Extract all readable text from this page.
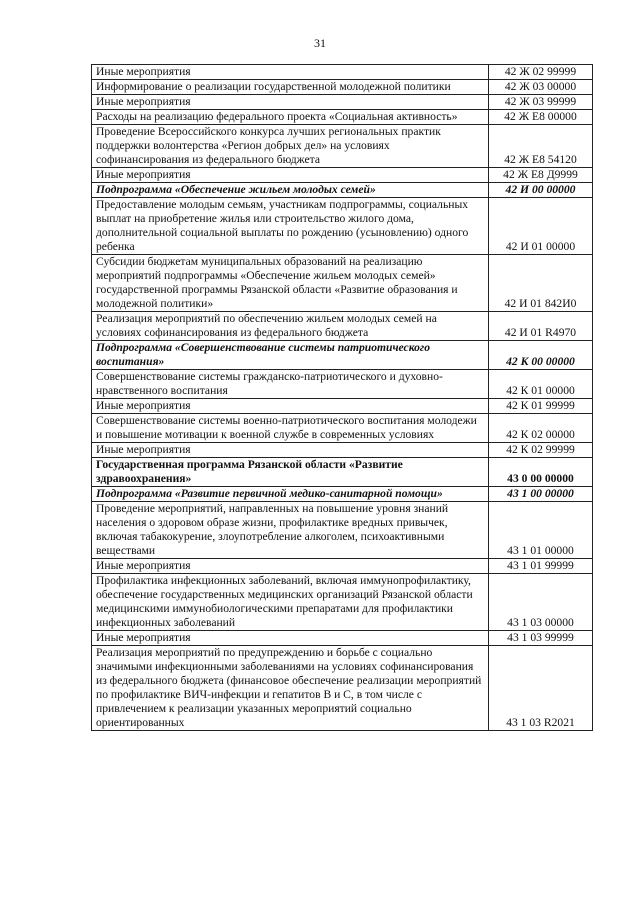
31
Иные мероприятия	42 Ж 02 99999
Информирование о реализации государственной молодежной политики	42 Ж 03 00000
Иные мероприятия	42 Ж 03 99999
Расходы на реализацию федерального проекта «Социальная активность»	42 Ж Е8 00000
Проведение Всероссийского конкурса лучших региональных практик поддержки волонтерства «Регион добрых дел» на условиях софинансирования из федерального бюджета	42 Ж Е8 54120
Иные мероприятия	42 Ж Е8 Д9999
Подпрограмма «Обеспечение жильем молодых семей»	42 И 00 00000
Предоставление молодым семьям, участникам подпрограммы, социальных выплат на приобретение жилья или строительство жилого дома, дополнительной социальной выплаты по рождению (усыновлению) одного ребенка	42 И 01 00000
Субсидии бюджетам муниципальных образований на реализацию мероприятий подпрограммы «Обеспечение жильем молодых семей» государственной программы Рязанской области «Развитие образования и молодежной политики»	42 И 01 842И0
Реализация мероприятий по обеспечению жильем молодых семей на условиях софинансирования из федерального бюджета	42 И 01 R4970
Подпрограмма «Совершенствование системы патриотического воспитания»	42 К 00 00000
Совершенствование системы гражданско-патриотического и духовно-нравственного воспитания	42 К 01 00000
Иные мероприятия	42 К 01 99999
Совершенствование системы военно-патриотического воспитания молодежи и повышение мотивации к военной службе в современных условиях	42 К 02 00000
Иные мероприятия	42 К 02 99999
Государственная программа Рязанской области «Развитие здравоохранения»	43 0 00 00000
Подпрограмма «Развитие первичной медико-санитарной помощи»	43 1 00 00000
Проведение мероприятий, направленных на повышение уровня знаний населения о здоровом образе жизни, профилактике вредных привычек, включая табакокурение, злоупотребление алкоголем, психоактивными веществами	43 1 01 00000
Иные мероприятия	43 1 01 99999
Профилактика инфекционных заболеваний, включая иммунопрофилактику, обеспечение государственных медицинских организаций Рязанской области медицинскими иммунобиологическими препаратами для профилактики инфекционных заболеваний	43 1 03 00000
Иные мероприятия	43 1 03 99999
Реализация мероприятий по предупреждению и борьбе с социально значимыми инфекционными заболеваниями на условиях софинансирования из федерального бюджета (финансовое обеспечение реализации мероприятий по профилактике ВИЧ-инфекции и гепатитов В и С, в том числе с привлечением к реализации указанных мероприятий социально ориентированных	43 1 03 R2021
